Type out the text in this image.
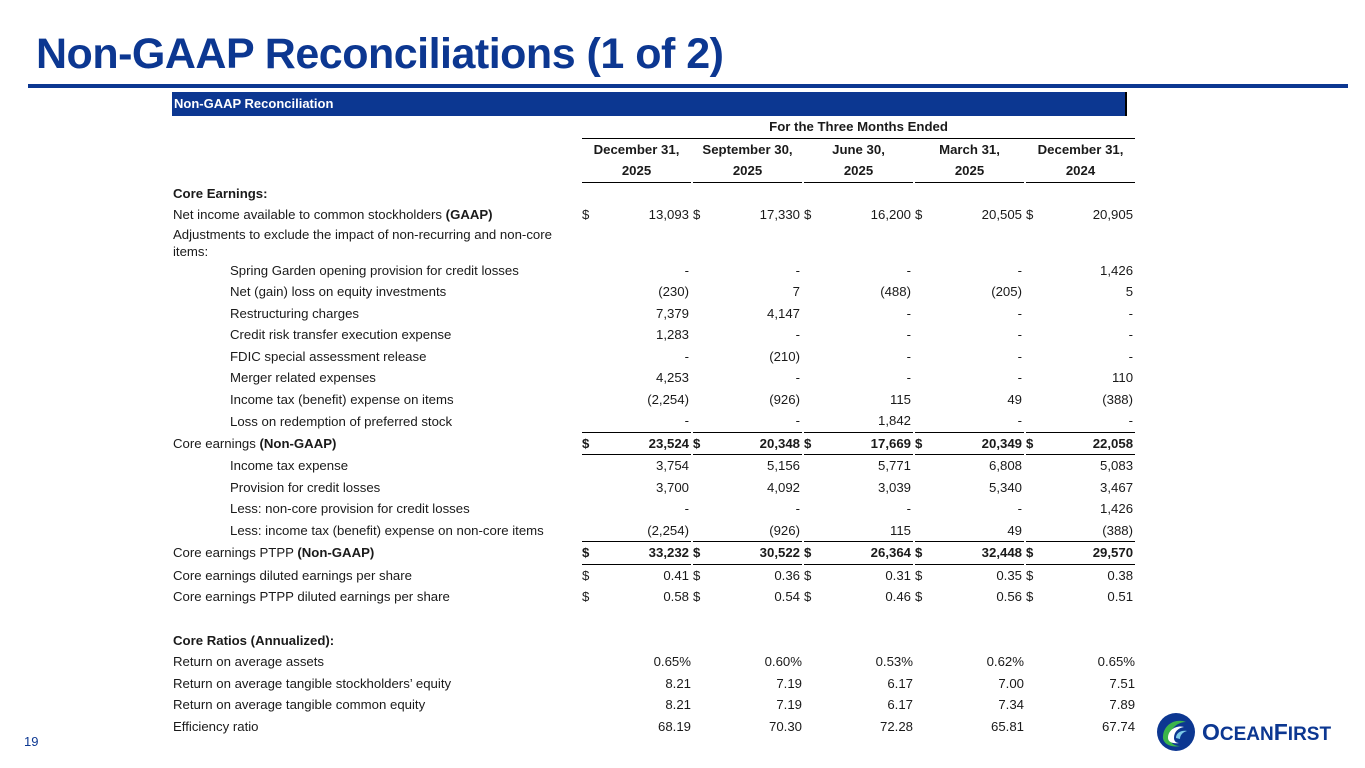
Non-GAAP Reconciliations (1 of 2)
Non-GAAP Reconciliation
	For the Three Months Ended													
	December 31,			September 30,			June 30,			March 31,			December 31,	
	2025			2025			2025			2025			2024	
Core Earnings:														
Net income available to common stockholders (GAAP)	$	13,093		$	17,330		$	16,200		$	20,505		$	20,905
Adjustments to exclude the impact of non-recurring and non-core items:														
Spring Garden opening provision for credit losses		-			-			-			-			1,426
Net (gain) loss on equity investments		(230)			7			(488)			(205)			5
Restructuring charges		7,379			4,147			-			-			-
Credit risk transfer execution expense		1,283			-			-			-			-
FDIC special assessment release		-			(210)			-			-			-
Merger related expenses		4,253			-			-			-			110
Income tax (benefit) expense on items		(2,254)			(926)			115			49			(388)
Loss on redemption of preferred stock		-			-			1,842			-			-
Core earnings (Non-GAAP)	$	23,524		$	20,348		$	17,669		$	20,349		$	22,058
Income tax expense		3,754			5,156			5,771			6,808			5,083
Provision for credit losses		3,700			4,092			3,039			5,340			3,467
Less: non-core provision for credit losses		-			-			-			-			1,426
Less: income tax (benefit) expense on non-core items		(2,254)			(926)			115			49			(388)
Core earnings PTPP (Non-GAAP)	$	33,232		$	30,522		$	26,364		$	32,448		$	29,570
Core earnings diluted earnings per share	$	0.41		$	0.36		$	0.31		$	0.35		$	0.38
Core earnings PTPP diluted earnings per share	$	0.58		$	0.54		$	0.46		$	0.56		$	0.51

Core Ratios (Annualized):														
Return on average assets		0.65%			0.60%			0.53%			0.62%			0.65%
Return on average tangible stockholders’ equity		8.21			7.19			6.17			7.00			7.51
Return on average tangible common equity		8.21			7.19			6.17			7.34			7.89
Efficiency ratio		68.19			70.30			72.28			65.81			67.74
19	OCEANFIRST
